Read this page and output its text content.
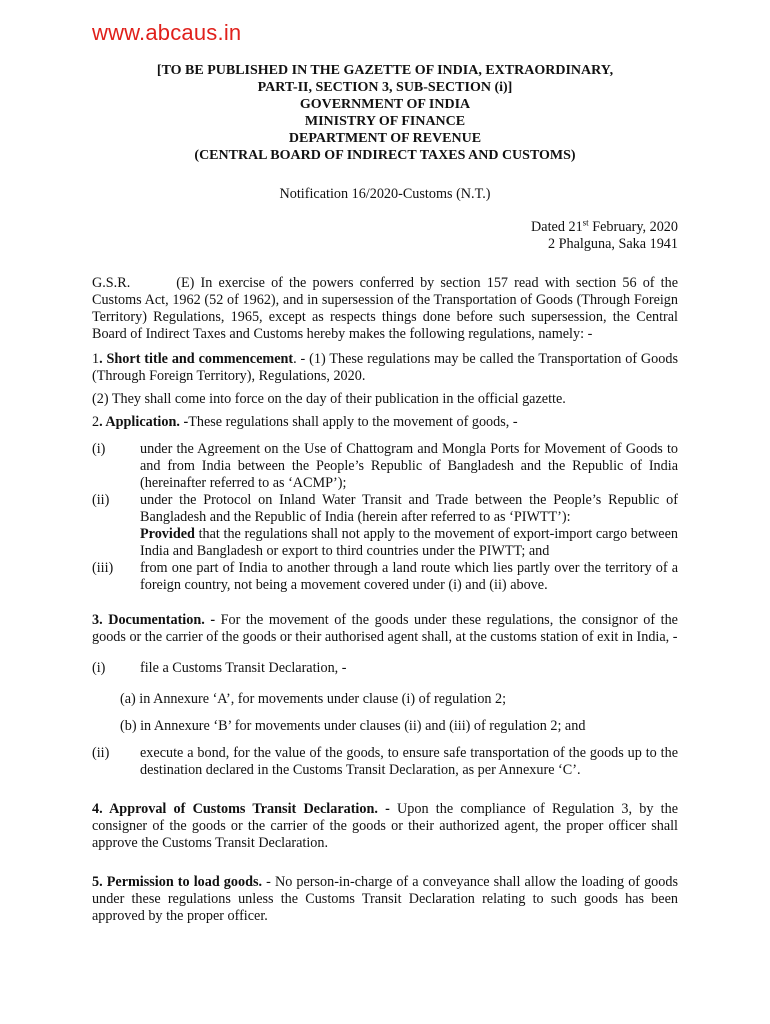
www.abcaus.in
[TO BE PUBLISHED IN THE GAZETTE OF INDIA, EXTRAORDINARY,
PART-II, SECTION 3, SUB-SECTION (i)]
GOVERNMENT OF INDIA
MINISTRY OF FINANCE
DEPARTMENT OF REVENUE
(CENTRAL BOARD OF INDIRECT TAXES AND CUSTOMS)
Notification 16/2020-Customs (N.T.)
Dated 21st February, 2020
2 Phalguna, Saka 1941

G.S.R.	(E) In exercise of the powers conferred by section 157 read with section 56 of the Customs Act, 1962 (52 of 1962), and in supersession of the Transportation of Goods (Through Foreign Territory) Regulations, 1965, except as respects things done before such supersession, the Central Board of Indirect Taxes and Customs hereby makes the following regulations, namely: -

1. Short title and commencement. - (1) These regulations may be called the Transportation of Goods (Through Foreign Territory), Regulations, 2020.

(2) They shall come into force on the day of their publication in the official gazette.

2. Application. -These regulations shall apply to the movement of goods, -

(i)	under the Agreement on the Use of Chattogram and Mongla Ports for Movement of Goods to and from India between the People’s Republic of Bangladesh and the Republic of India (hereinafter referred to as ‘ACMP’);
(ii)	under the Protocol on Inland Water Transit and Trade between the People’s Republic of Bangladesh and the Republic of India (herein after referred to as ‘PIWTT’):
Provided that the regulations shall not apply to the movement of export-import cargo between India and Bangladesh or export to third countries under the PIWTT; and
(iii)	from one part of India to another through a land route which lies partly over the territory of a foreign country, not being a movement covered under (i) and (ii) above.

3. Documentation. - For the movement of the goods under these regulations, the consignor of the goods or the carrier of the goods or their authorised agent shall, at the customs station of exit in India, -

(i)	file a Customs Transit Declaration, -
(a) in Annexure ‘A’, for movements under clause (i) of regulation 2;
(b) in Annexure ‘B’ for movements under clauses (ii) and (iii) of regulation 2; and
(ii)	execute a bond, for the value of the goods, to ensure safe transportation of the goods up to the destination declared in the Customs Transit Declaration, as per Annexure ‘C’.

4. Approval of Customs Transit Declaration. - Upon the compliance of Regulation 3, by the consigner of the goods or the carrier of the goods or their authorized agent, the proper officer shall approve the Customs Transit Declaration.

5. Permission to load goods. - No person-in-charge of a conveyance shall allow the loading of goods under these regulations unless the Customs Transit Declaration relating to such goods has been approved by the proper officer.
